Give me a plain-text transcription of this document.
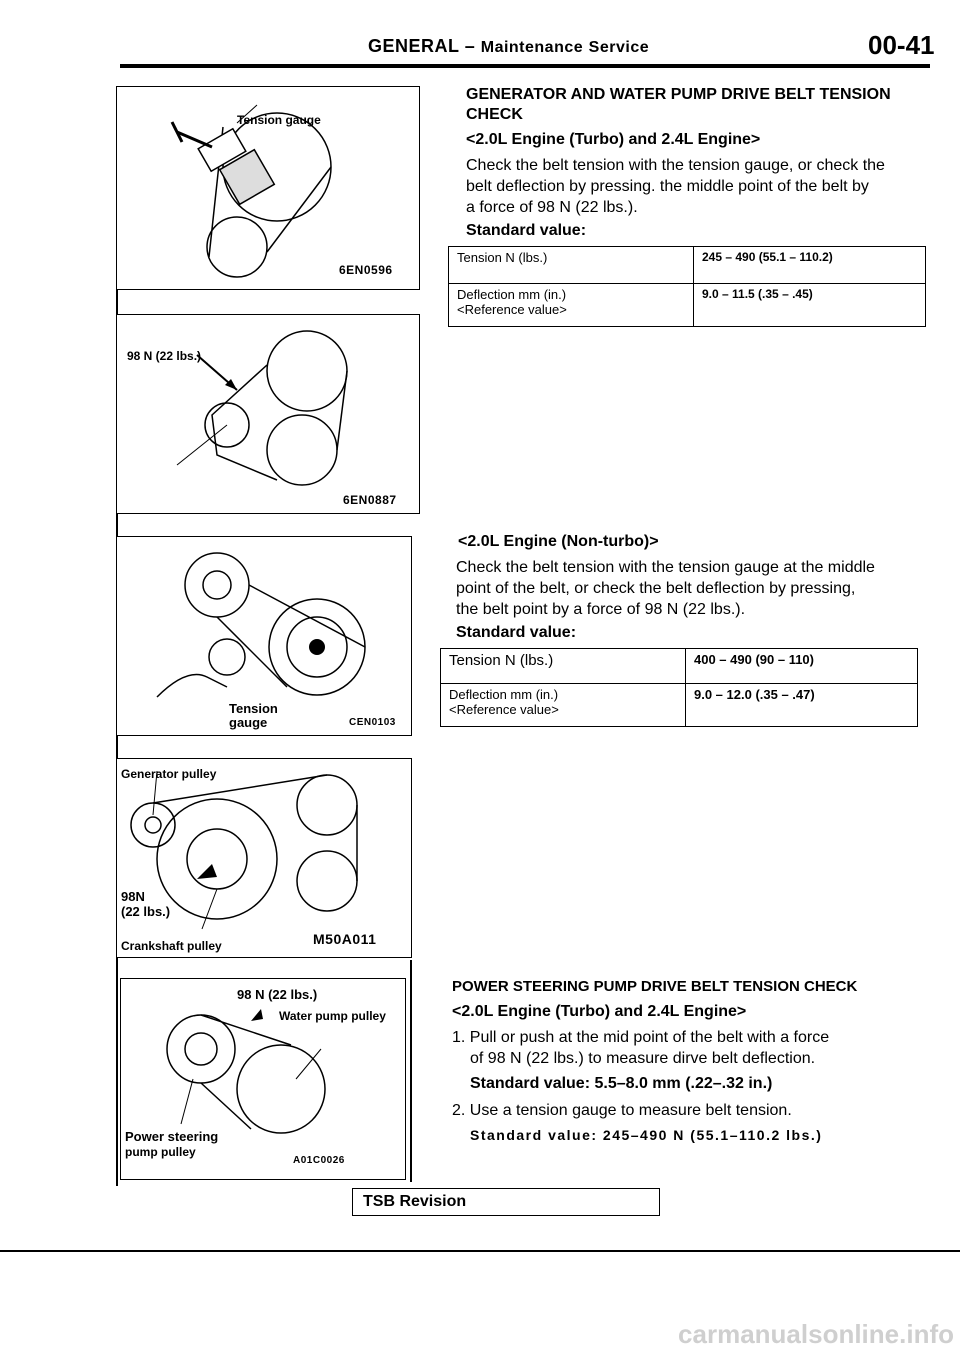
GENERAL – Maintenance Service	00-41
Tension gauge
6EN0596
98 N (22 lbs.)
6EN0887
Tension
gauge	CEN0103
Generator pulley
98N
(22 lbs.)
Crankshaft pulley	M50A011
98 N (22 lbs.)
Water pump pulley
Power steering
pump pulley
A01C0026
GENERATOR AND WATER PUMP DRIVE BELT TENSION
CHECK
<2.0L Engine (Turbo) and 2.4L Engine>
Check the belt tension with the tension gauge, or check the
belt deflection by pressing. the middle point of the belt by
a force of 98 N (22 lbs.).
Standard value:
Tension N (lbs.)	245 – 490 (55.1 – 110.2)

Deflection mm (in.)
<Reference value>	9.0 – 11.5 (.35 – .45)
<2.0L Engine (Non-turbo)>
Check the belt tension with the tension gauge at the middle
point of the belt, or check the belt deflection by pressing,
the belt point by a force of 98 N (22 lbs.).
Standard value:
Tension N (lbs.)	400 – 490 (90 – 110)

Deflection mm (in.)
<Reference value>	9.0 – 12.0 (.35 – .47)
POWER STEERING PUMP DRIVE BELT TENSION CHECK
<2.0L Engine (Turbo) and 2.4L Engine>
1. Pull or push at the mid point of the belt with a force
of 98 N (22 lbs.) to measure dirve belt deflection.
Standard value: 5.5–8.0 mm (.22–.32 in.)
2. Use a tension gauge to measure belt tension.
Standard value: 245–490 N (55.1–110.2 lbs.)
TSB Revision
carmanualsonline.info
